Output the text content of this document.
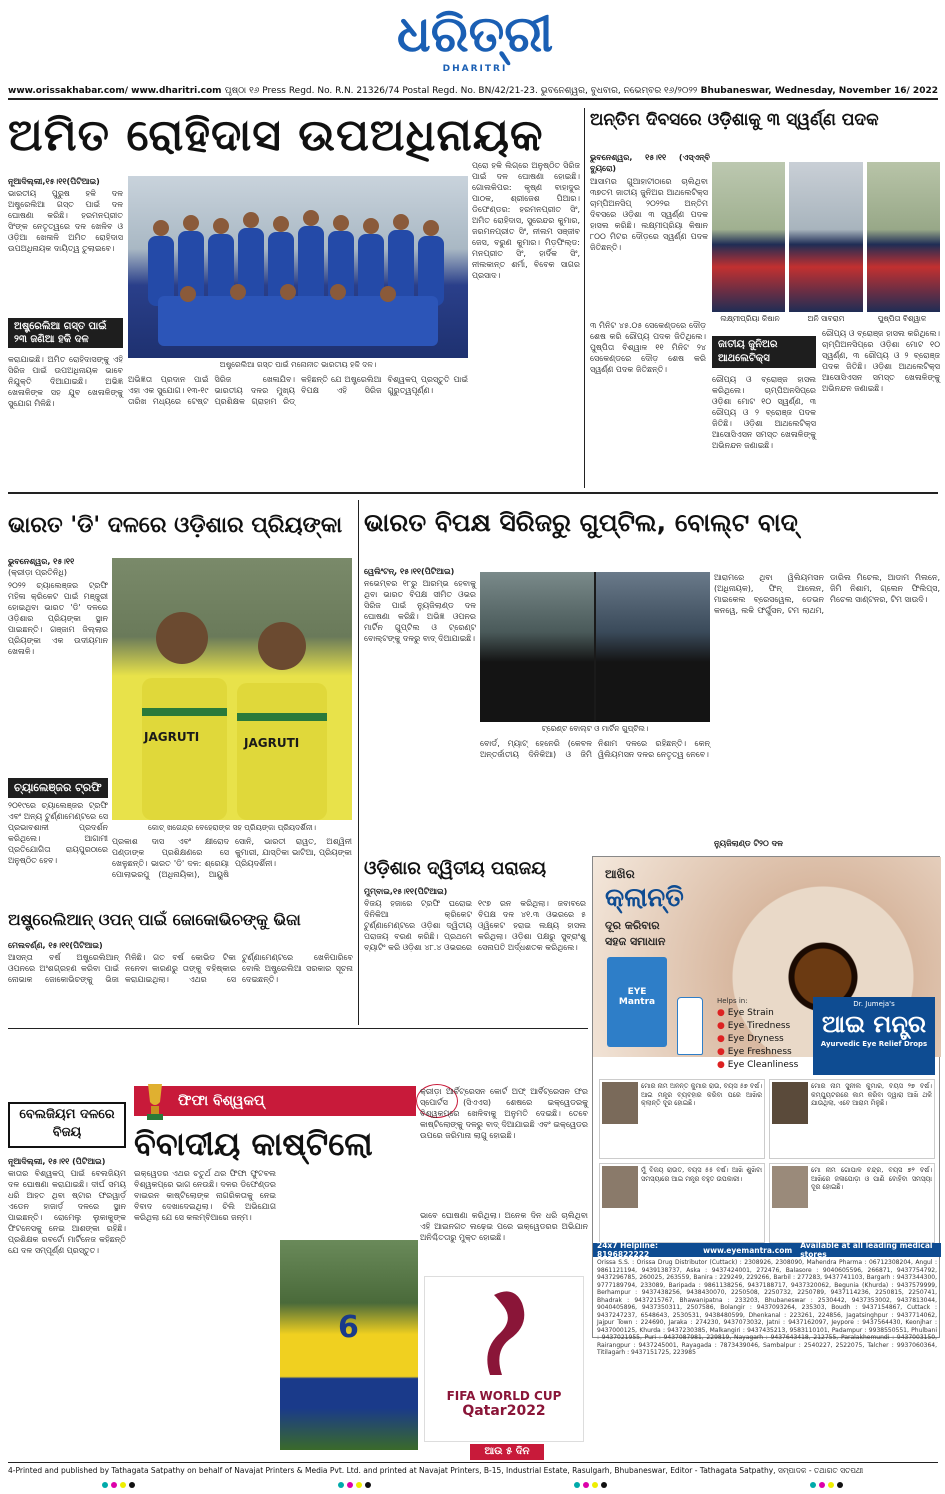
ଧରିତ୍ରୀ
DHARITRI
www.orissakhabar.com/ www.dharitri.com ପୃଷ୍ଠା ୧୬ Press Regd. No. R.N. 21326/74 Postal Regd. No. BN/42/21-23. ଭୁବନେଶ୍ୱର, ବୁଧବାର, ନଭେମ୍ବର ୧୬/୨୦୨୨ Bhubaneswar, Wednesday, November 16/ 2022
ଅମିତ ରୋହିଦାସ ଉପଅଧିନାୟକ
ନୂଆଦିଲ୍ଲୀ,୧୫।୧୧(ପିଟିଆଇ)
ଭାରତୀୟ ପୁରୁଷ ହକି ଦଳ ଅଷ୍ଟ୍ରେଲିଆ ଗସ୍ତ ପାଇଁ ଦଳ ଘୋଷଣା କରିଛି। ହରମନପ୍ରୀତ ସିଂଙ୍କ ନେତୃତ୍ୱରେ ଦଳ ଖେଳିବ ଓ ଓଡ଼ିଆ ଖେଳାଳି ଅମିତ ରୋହିଦାସ ଉପଅଧିନାୟକ ଦାୟିତ୍ୱ ତୁଲାଇବେ।
ଅଷ୍ଟ୍ରେଲିଆ ଗସ୍ତ ପାଇଁ ୨୩ ଜଣିଆ ହକି ଦଳ
କରାଯାଇଛି। ଅମିତ ରୋହିଦାସଙ୍କୁ ଏହି ସିରିଜ ପାଇଁ ଉପଅଧିନାୟକ ଭାବେ ନିଯୁକ୍ତି ଦିଆଯାଇଛି। ଅଭିଜ୍ଞ ଖେଳାଳିଙ୍କ ସହ ଯୁବ ଖେଳାଳିଙ୍କୁ ସୁଯୋଗ ମିଳିଛି।
ଅଷ୍ଟ୍ରେଲିଆ ଗସ୍ତ ପାଇଁ ମନୋନୀତ ଭାରତୀୟ ହକି ଦଳ।
ପ୍ରୋ ହକି ଲିଗ୍‌ରେ ଅନୁଷ୍ଠିତ ସିରିଜ ପାଇଁ ଦଳ ଘୋଷଣା ହୋଇଛି। ଗୋଲକିପର: କୃଷ୍ଣ ବାହାଦୁର ପାଠକ, ଶ୍ରୀଜେଶ ପିଆର। ଡିଫେଣ୍ଡର: ହରମନପ୍ରୀତ ସିଂ, ଅମିତ ରୋହିଦାସ, ସୁରେନ୍ଦର କୁମାର, ଜରମନପ୍ରୀତ ସିଂ, ନୀଲମ ସଞ୍ଜୀବ ଜେସ, ବରୁଣ କୁମାର। ମିଡ଼ଫିଲ୍ଡ: ମନପ୍ରୀତ ସିଂ, ହାର୍ଦିକ ସିଂ, ନୀଲକାନ୍ତ ଶର୍ମା, ବିବେକ ସାଗର ପ୍ରସାଦ।
ଅଭିଜ୍ଞତା ପ୍ରଦାନ ପାଇଁ ଏହା ଏକ ସୁଯୋଗ। ୧୩-୧୯ ତାରିଖ ମଧ୍ୟରେ ଟେଷ୍ଟ ସିରିଜ ଖେଳାଯିବ। ଭାରତୀୟ ଦଳର ମୁଖ୍ୟ ପ୍ରଶିକ୍ଷକ ଗ୍ରାହାମ ରିଡ୍ କହିଛନ୍ତି ଯେ ଅଷ୍ଟ୍ରେଲିଆ ବିପକ୍ଷ ଏହି ସିରିଜ ବିଶ୍ୱକପ୍ ପ୍ରସ୍ତୁତି ପାଇଁ ଗୁରୁତ୍ୱପୂର୍ଣ୍ଣ।
ଅନ୍ତିମ ଦିବସରେ ଓଡ଼ିଶାକୁ ୩ ସ୍ୱର୍ଣ୍ଣ ପଦକ
ଭୁବନେଶ୍ୱର, ୧୫।୧୧ (ଏସ୍‌ଏନ୍‌ବି ବ୍ୟୁରୋ)
ଆସାମର ଗୁଆହାଟୀଠାରେ ଚାଲିଥିବା ୩୭ତମ ଜାତୀୟ ଜୁନିଅର ଆଥଲେଟିକ୍ସ ଚାମ୍ପିଅନସିପ୍ ୨୦୨୨ର ଅନ୍ତିମ ଦିବସରେ ଓଡ଼ିଶା ୩ ସ୍ୱର୍ଣ୍ଣ ପଦକ ହାସଲ କରିଛି। ଲକ୍ଷ୍ମୀପ୍ରିୟା କିଷାନ ୮୦୦ ମିଟର ଦୌଡ଼ରେ ସ୍ୱର୍ଣ୍ଣ ପଦକ ଜିତିଛନ୍ତି।
ଲକ୍ଷ୍ମୀପ୍ରିୟା କିଷାନ	ଅନି ସାବରାମ	ପୁଷ୍ପିତା ବିଶ୍ୱାଳ
ଜାତୀୟ ଜୁନିଅର ଆଥଲେଟିକ୍ସ
ରୌପ୍ୟ ଓ ବ୍ରୋଞ୍ଜ ହାସଲ କରିଥିଲେ। ଚାମ୍ପିଅନସିପ୍‌ରେ ଓଡ଼ିଶା ମୋଟ ୧୦ ସ୍ୱର୍ଣ୍ଣ, ୩ ରୌପ୍ୟ ଓ ୨ ବ୍ରୋଞ୍ଜ ପଦକ ଜିତିଛି। ଓଡ଼ିଶା ଆଥଲେଟିକ୍ସ ଆସୋସିଏସନ ସମସ୍ତ ଖେଳାଳିଙ୍କୁ ଅଭିନନ୍ଦନ ଜଣାଇଛି।
୩ ମିନିଟ ୪୫.୦୫ ସେକେଣ୍ଡରେ ଦୌଡ଼ ଶେଷ କରି ରୌପ୍ୟ ପଦକ ଜିତିଥିଲେ। ପୁଷ୍ପିତା ବିଶ୍ୱାଳ ୧୧ ମିନିଟ ୨୪ ସେକେଣ୍ଡରେ ଦୌଡ଼ ଶେଷ କରି ସ୍ୱର୍ଣ୍ଣ ପଦକ ଜିତିଛନ୍ତି।
ରୌପ୍ୟ ଓ ବ୍ରୋଞ୍ଜ ହାସଲ କରିଥିଲେ। ଚାମ୍ପିଅନସିପ୍‌ରେ ଓଡ଼ିଶା ମୋଟ ୧୦ ସ୍ୱର୍ଣ୍ଣ, ୩ ରୌପ୍ୟ ଓ ୨ ବ୍ରୋଞ୍ଜ ପଦକ ଜିତିଛି। ଓଡ଼ିଶା ଆଥଲେଟିକ୍ସ ଆସୋସିଏସନ ସମସ୍ତ ଖେଳାଳିଙ୍କୁ ଅଭିନନ୍ଦନ ଜଣାଇଛି।
ଭାରତ 'ଡି' ଦଳରେ ଓଡ଼ିଶାର ପ୍ରିୟଙ୍କା
ଭୁବନେଶ୍ୱର, ୧୫।୧୧
(କ୍ରୀଡ଼ା ପ୍ରତିନିଧି)
୨୦୨୨ ଚ୍ୟାଲେଞ୍ଜର ଟ୍ରଫି ମହିଳା କ୍ରିକେଟ ପାଇଁ ମଞ୍ଜୁରୀ ହୋଇଥିବା ଭାରତ 'ଡି' ଦଳରେ ଓଡ଼ିଶାର ପ୍ରିୟଙ୍କା ସ୍ଥାନ ପାଇଛନ୍ତି। ଗଞ୍ଜାମ ଜିଲ୍ଲାର ପ୍ରିୟଙ୍କା ଏକ ଉଦୀୟମାନ ଖେଳାଳି।
JAGRUTI	JAGRUTI
ଚ୍ୟାଲେଞ୍ଜର ଟ୍ରଫି
୨୦୧୯ରେ ଚ୍ୟାଲେଞ୍ଜର ଟ୍ରଫି ଏବଂ ଅନ୍ୟ ଟୁର୍ଣ୍ଣାମେଣ୍ଟରେ ସେ ପ୍ରଭାବଶାଳୀ ପ୍ରଦର୍ଶନ କରିଥିଲେ। ଆଗାମୀ ପ୍ରତିଯୋଗିତା ରାୟପୁରଠାରେ ଅନୁଷ୍ଠିତ ହେବ।
କୋଚ୍ ଖଗେନ୍ଦ୍ର ବେହେରାଙ୍କ ସହ ପ୍ରିୟଙ୍କା ପ୍ରିୟଦର୍ଶିନୀ।
ପ୍ରକାଶ ଦାସ ଏବଂ କ୍ଷୀରୋଦ ପଣ୍ଡାଙ୍କ ପ୍ରଶିକ୍ଷଣରେ ସେ ଖେଳୁଛନ୍ତି। ଭାରତ 'ଡି' ଦଳ: ଶ୍ରେୟା ପୋଲାଭରପୁ (ଅଧିନାୟିକା), ଆୟୁଷି ସୋନି, ଭାରତୀ ରାୱତ, ଅଶ୍ୱିନୀ କୁମାରୀ, ଯାସ୍ତିକା ଭାଟିଆ, ପ୍ରିୟଙ୍କା ପ୍ରିୟଦର୍ଶିନୀ।
ଅଷ୍ଟ୍ରେଲିଆନ୍ ଓପନ୍ ପାଇଁ ଜୋକୋଭିଚଙ୍କୁ ଭିଜା
ମେଲବର୍ଣ୍ଣ, ୧୫।୧୧(ପିଟିଆଇ)
ଆସନ୍ତା ବର୍ଷ ଅଷ୍ଟ୍ରେଲିଆନ୍ ଓପନରେ ଅଂଶଗ୍ରହଣ କରିବା ପାଇଁ ନୋଭାକ ଜୋକୋଭିଚଙ୍କୁ ଭିଜା ମିଳିଛି। ଗତ ବର୍ଷ କୋଭିଡ ଟିକା ନନେବା କାରଣରୁ ତାଙ୍କୁ ବହିଷ୍କାର କରାଯାଇଥିଲା। ଏଥର ସେ ଟୁର୍ଣ୍ଣାମେଣ୍ଟରେ ଖେଳିପାରିବେ ବୋଲି ଅଷ୍ଟ୍ରେଲିଆ ସରକାର ସୂଚନା ଦେଇଛନ୍ତି।
ଭାରତ ବିପକ୍ଷ ସିରିଜରୁ ଗୁପ୍‌ଟିଲ, ବୋଲ୍ଟ ବାଦ୍
ୱେଲିଂଟନ୍, ୧୫।୧୧(ପିଟିଆଇ)
ନଭେମ୍ବର ୧୮ରୁ ଆରମ୍ଭ ହେବାକୁ ଥିବା ଭାରତ ବିପକ୍ଷ ସୀମିତ ଓଭର ସିରିଜ ପାଇଁ ନ୍ୟୁଜିଲାଣ୍ଡ ଦଳ ଘୋଷଣା କରିଛି। ଅଭିଜ୍ଞ ଓପନର ମାର୍ଟିନ ଗୁପ୍‌ଟିଲ ଓ ଟ୍ରେଣ୍ଟ ବୋଲ୍ଟଙ୍କୁ ଦଳରୁ ବାଦ୍ ଦିଆଯାଇଛି।
ଟ୍ରେଣ୍ଟ ବୋଲ୍ଟ ଓ ମାର୍ଟିନ ଗୁପ୍‌ଟିଲ।
ବୋର୍ଡ, ମ୍ୟାଟ୍ ହେନେରି (କେବଳ ଅନ୍ତର୍ଜାତୀୟ ଦିନିକିଆ) ଓ ଜିମି ନିଶାମ ଦଳରେ ରହିଛନ୍ତି। କେନ୍ ୱିଲିୟମସନ ଦଳର ନେତୃତ୍ୱ ନେବେ।
ଆରାମରେ ଥିବା ୱିଲିୟମସନ (ଅଧିନାୟକ), ଫିନ୍ ଆଲେନ, ମାଇକେଲ ବ୍ରେସୱେଲ, ଡେଭନ କନୱେ, ଲକି ଫର୍ଗୁସନ, ଟମ ଲାଥମ, ଡାରିଲ ମିଚେଲ, ଆଡାମ ମିଲନେ, ଜିମି ନିଶାମ, ଗ୍ଲେନ ଫିଲିପ୍ସ, ମିଚେଲ ସାଣ୍ଟନର, ଟିମ ସାଉଦି।
ନ୍ୟୁଜିଲାଣ୍ଡ ଟି୨୦ ଦଳ
ଓଡ଼ିଶାର ଦ୍ୱିତୀୟ ପରାଜୟ
ମୁମ୍ବାଇ,୧୫।୧୧(ପିଟିଆଇ)
ବିଜୟ ହଜାରେ ଟ୍ରଫି ଘରୋଇ ଦିନିକିଆ କ୍ରିକେଟ ଟୁର୍ଣ୍ଣାମେଣ୍ଟରେ ଓଡ଼ିଶା ଦ୍ୱିତୀୟ ପରାଜୟ ବରଣ କରିଛି। ପ୍ରଥମେ ବ୍ୟାଟିଂ କରି ଓଡ଼ିଶା ୪୮.୪ ଓଭରରେ ୧୯୭ ରନ କରିଥିଲା। ଜବାବରେ ବିପକ୍ଷ ଦଳ ୪୧.୩ ଓଭରରେ ୫ ଓ୍ୱିକେଟ ହରାଇ ଲକ୍ଷ୍ୟ ହାସଲ କରିଥିଲା। ଓଡ଼ିଶା ପକ୍ଷରୁ ସୁବ୍ରାଂଶୁ ସେନାପତି ଅର୍ଦ୍ଧଶତକ କରିଥିଲେ।
ଆଖିର
କ୍ଲାନ୍ତି
ଦୂର କରିବାର
ସହଜ ସମାଧାନ
EYE Mantra	Helps in:
● Eye Strain
● Eye Tiredness
● Eye Dryness
● Eye Freshness
● Eye Cleanliness
Dr. Jumeja's
ଆଇ ମନ୍ତ୍ର
Ayurvedic Eye Relief Drops
ମୋର ନାମ ଅନନ୍ତ କୁମାର ରାଉ, ବୟସ ୫୭ ବର୍ଷ। ଆଇ ମନ୍ତ୍ର ବ୍ୟବହାର କରିବା ପରେ ଆଖିର କ୍ଲାନ୍ତି ଦୂର ହୋଇଛି।
ମୋର ନାମ ସୁନୀଲ କୁମାର, ବୟସ ୨୭ ବର୍ଷ। କମ୍ପ୍ୟୁଟରରେ କାମ କରିବା ଦ୍ୱାରା ଆଖି ଥକି ଯାଉଥିଲା, ଏବେ ଆରାମ ମିଳୁଛି।
ମୁଁ ବିଜୟ ରାଉତ, ବୟସ ୫୫ ବର୍ଷ। ଆଖି ଶୁଖିବା ସମସ୍ୟାରେ ଆଇ ମନ୍ତ୍ର ବହୁତ ଉପକାରୀ।
ମୋ ନାମ ଗୋପାଳ ଚନ୍ଦ୍ର, ବୟସ ୭୨ ବର୍ଷ। ଆଖିରେ ଜଳାପୋଡ଼ା ଓ ପାଣି ବୋହିବା ସମସ୍ୟା ଦୂର ହୋଇଛି।
24x7 Helpline: 8196822222	www.eyemantra.com Available at all leading medical stores
Orissa S.S. : Orissa Drug Distributor (Cuttack) : 2308926, 2308090, Mahendra Pharma : 06712308204, Angul : 9861121194, 9439138737, Aska : 9437424001, 272476, Balasore : 9040605596, 266871, 9437754792, 9437296785, 260025, 263559, Banira : 229249, 229266, Barbil : 277283, 9437741103, Bargarh : 9437344300, 9777189794, 233089, Baripada : 9861138256, 9437188717, 9437320062, Begunia (Khurda) : 9437579999, Berhampur : 9437438256, 9438430070, 2250508, 2250732, 2250789, 9437114236, 2250815, 2250741, Bhadrak : 9437215767, Bhawanipatna : 233203, Bhubaneswar : 2530442, 9437353002, 9437813044, 9040405896, 9437350311, 2507586, Bolangir : 9437093264, 235303, Boudh : 9437154867, Cuttack : 9437247237, 6548643, 2530531, 9438480599, Dhenkanal : 223261, 224856, Jagatsinghpur : 9437714062, Jajpur Town : 224690, Jaraka : 274230, 9437073032, Jatni : 9437162097, Jeypore : 9437564430, Keonjhar : 9437000125, Khurda : 9437230385, Malkangiri : 9437435213, 9583110101, Padampur : 9938550551, Phulbani : 9437021955, Puri : 9437087981, 229819, Nayagarh : 9437643418, 212755, Paralakhemundi : 9437003150, Rairangpur : 9437245001, Rayagada : 7873439046, Sambalpur : 2540227, 2522075, Talcher : 9937060364, Titilagarh : 9437151725, 223985
ବେଲଜିୟମ ଦଳରେ ବିଜୟ
ନୂଆଦିଲ୍ଲୀ, ୧୫।୧୧ (ପିଟିଆଇ)
କାତାର ବିଶ୍ୱକପ୍ ପାଇଁ ବେଲଜିୟମ ଦଳ ଘୋଷଣା କରାଯାଇଛି। ଦୀର୍ଘ ସମୟ ଧରି ଆହତ ଥିବା ଷ୍ଟାର ଫରୱାର୍ଡ଼ ଏଡେନ ହାଜାର୍ଡ଼ ଦଳରେ ସ୍ଥାନ ପାଇଛନ୍ତି। ରୋମେଲୁ ଲୁକାକୁଙ୍କ ଫିଟନେସକୁ ନେଇ ଆଶଙ୍କା ରହିଛି। ପ୍ରଶିକ୍ଷକ ରବର୍ଟୋ ମାର୍ଟିନେଜ କହିଛନ୍ତି ଯେ ଦଳ ସମ୍ପୂର୍ଣ୍ଣ ପ୍ରସ୍ତୁତ।
ଫିଫା ବିଶ୍ୱକପ୍
ବିବାଦୀୟ କାଷ୍ଟିଲୋ
ଇକ୍ୱେଡର ଏଥର ଚତୁର୍ଥ ଥର ଫିଫା ଫୁଟବଲ ବିଶ୍ୱକପ୍‌ରେ ଭାଗ ନେଉଛି। ଦଳର ଡିଫେଣ୍ଡର ବାଇରନ କାଷ୍ଟିଲୋଙ୍କ ନାଗରିକତାକୁ ନେଇ ବିବାଦ ଦେଖାଦେଇଥିଲା। ଚିଲି ଅଭିଯୋଗ କରିଥିଲା ଯେ ସେ କଲମ୍ବିଆରେ ଜନ୍ମ।
6
କ୍ରୀଡ଼ା ଆର୍ବିଟ୍ରେସନ କୋର୍ଟ ଅଫ୍ ଆର୍ବିଟ୍ରେସନ ଫର ସ୍ପୋର୍ଟସ (ସିଏଏସ) ଶେଷରେ ଇକ୍ୱେଡରକୁ ବିଶ୍ୱକପ୍‌ରେ ଖେଳିବାକୁ ଅନୁମତି ଦେଇଛି। ତେବେ କାଷ୍ଟିଲୋଙ୍କୁ ଦଳରୁ ବାଦ୍ ଦିଆଯାଇଛି ଏବଂ ଇକ୍ୱେଡର ଉପରେ ଜରିମାନା ଲାଗୁ ହୋଇଛି।
ଭାବେ ଘୋଷଣା କରିଥିଲା। ଅନେକ ଦିନ ଧରି ଚାଲିଥିବା ଏହି ଆଇନଗତ ଲଢ଼େଇ ପରେ ଇକ୍ୱେଡରର ଅଭିଯାନ ଅନିଶ୍ଚିତତାରୁ ମୁକ୍ତ ହୋଇଛି।
FIFA WORLD CUP
Qatar2022
ଆଉ ୫ ଦିନ
4-Printed and published by Tathagata Satpathy on behalf of Navajat Printers & Media Pvt. Ltd. and printed at Navajat Printers, B-15, Industrial Estate, Rasulgarh, Bhubaneswar, Editor - Tathagata Satpathy, ସମ୍ପାଦକ - ତଥାଗତ ସତପଥୀ
